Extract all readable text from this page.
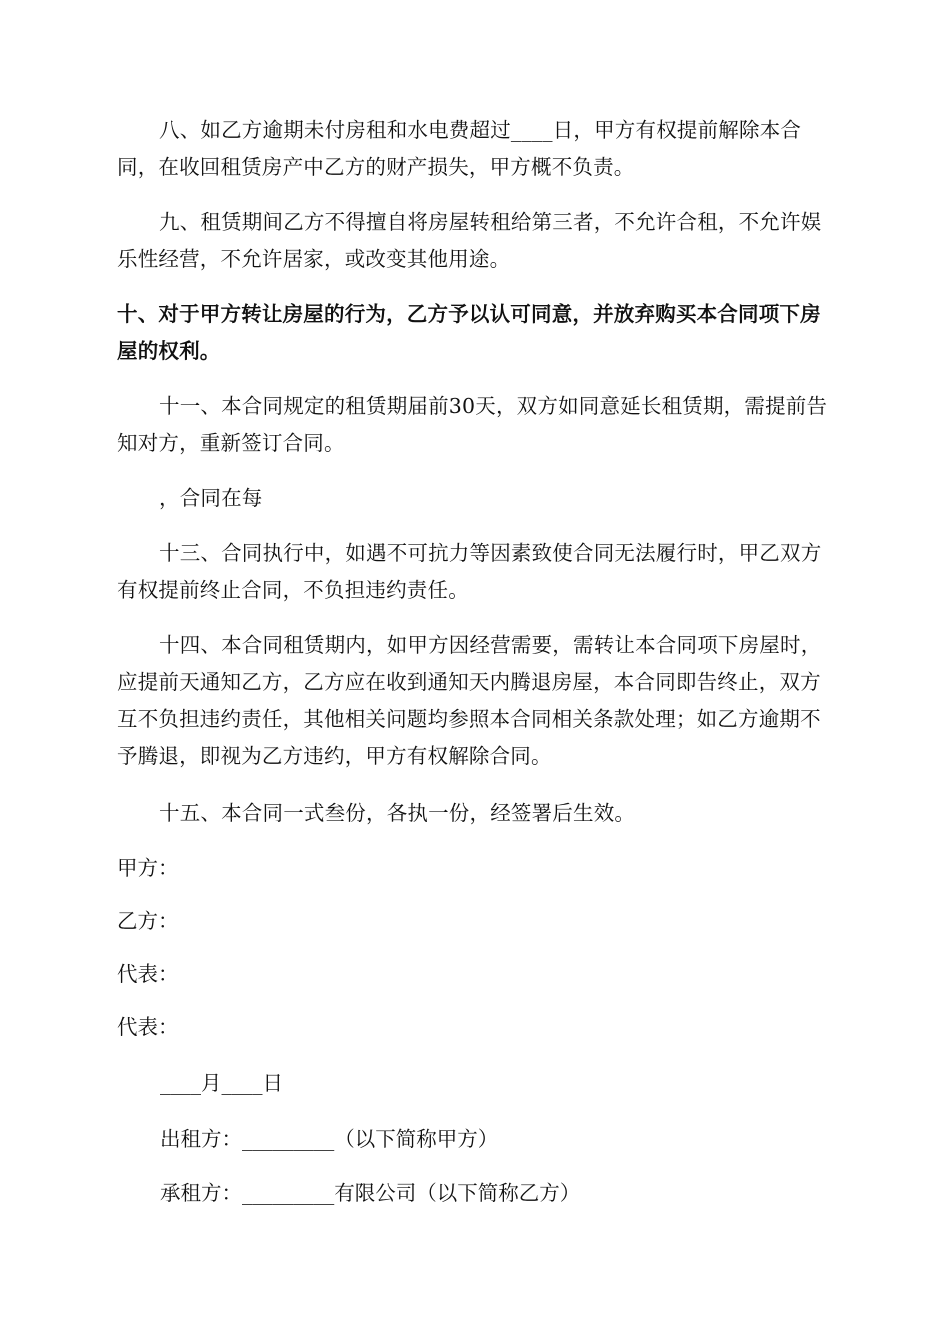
八、如乙方逾期未付房租和水电费超过____日，甲方有权提前解除本合同，在收回租赁房产中乙方的财产损失，甲方概不负责。

九、租赁期间乙方不得擅自将房屋转租给第三者，不允许合租，不允许娱乐性经营，不允许居家，或改变其他用途。

十、对于甲方转让房屋的行为，乙方予以认可同意，并放弃购买本合同项下房屋的权利。

十一、本合同规定的租赁期届前30天，双方如同意延长租赁期，需提前告知对方，重新签订合同。

，合同在每

十三、合同执行中，如遇不可抗力等因素致使合同无法履行时，甲乙双方有权提前终止合同，不负担违约责任。

十四、本合同租赁期内，如甲方因经营需要，需转让本合同项下房屋时，应提前天通知乙方，乙方应在收到通知天内腾退房屋，本合同即告终止，双方互不负担违约责任，其他相关问题均参照本合同相关条款处理；如乙方逾期不予腾退，即视为乙方违约，甲方有权解除合同。

十五、本合同一式叁份，各执一份，经签署后生效。

甲方：

乙方：

代表：

代表：

____月____日

出租方：_________（以下简称甲方）

承租方：_________有限公司（以下简称乙方）
